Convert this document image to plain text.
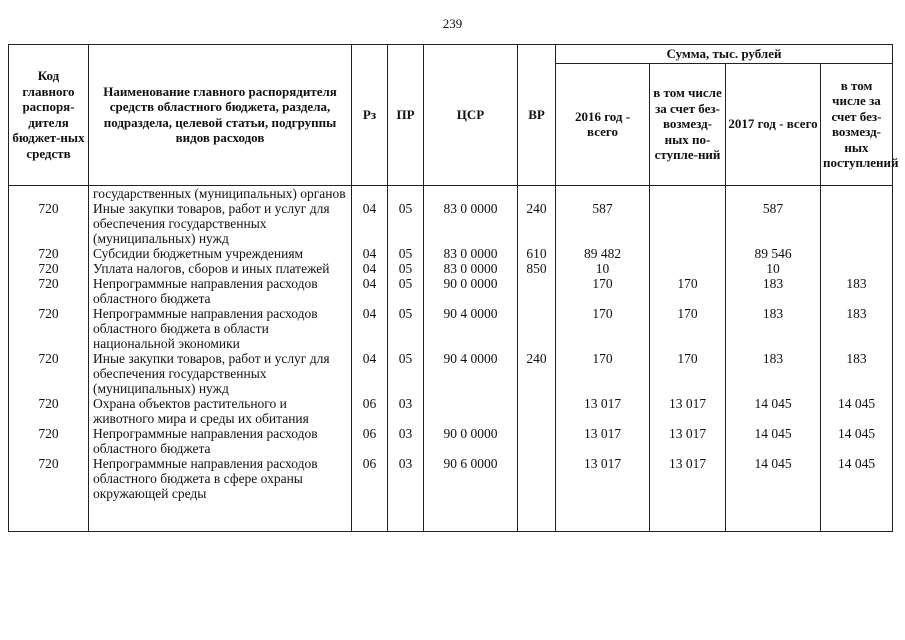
239
Код главного распоря-дителя бюджет-ных средств	Наименование главного распорядителя средств областного бюджета, раздела, подраздела, целевой статьи, подгруппы видов расходов	Рз	ПР	ЦСР	ВР	Сумма, тыс. рублей			
						2016 год - всего	в том числе за счет без-возмезд-ных по-ступле-ний	2017 год - всего	в том числе за счет без-возмезд-ных поступлений
	государственных (муниципальных) органов								
720	Иные закупки товаров, работ и услуг для обеспечения государственных (муниципальных) нужд	04	05	83 0 0000	240	587		587	
720	Субсидии бюджетным учреждениям	04	05	83 0 0000	610	89 482		89 546	
720	Уплата налогов, сборов и иных платежей	04	05	83 0 0000	850	10		10	
720	Непрограммные направления расходов областного бюджета	04	05	90 0 0000		170	170	183	183
720	Непрограммные направления расходов областного бюджета в области национальной экономики	04	05	90 4 0000		170	170	183	183
720	Иные закупки товаров, работ и услуг для обеспечения государственных (муниципальных) нужд	04	05	90 4 0000	240	170	170	183	183
720	Охрана объектов растительного и животного мира и среды их обитания	06	03			13 017	13 017	14 045	14 045
720	Непрограммные направления расходов областного бюджета	06	03	90 0 0000		13 017	13 017	14 045	14 045
720	Непрограммные направления расходов областного бюджета в сфере охраны окружающей среды	06	03	90 6 0000		13 017	13 017	14 045	14 045
